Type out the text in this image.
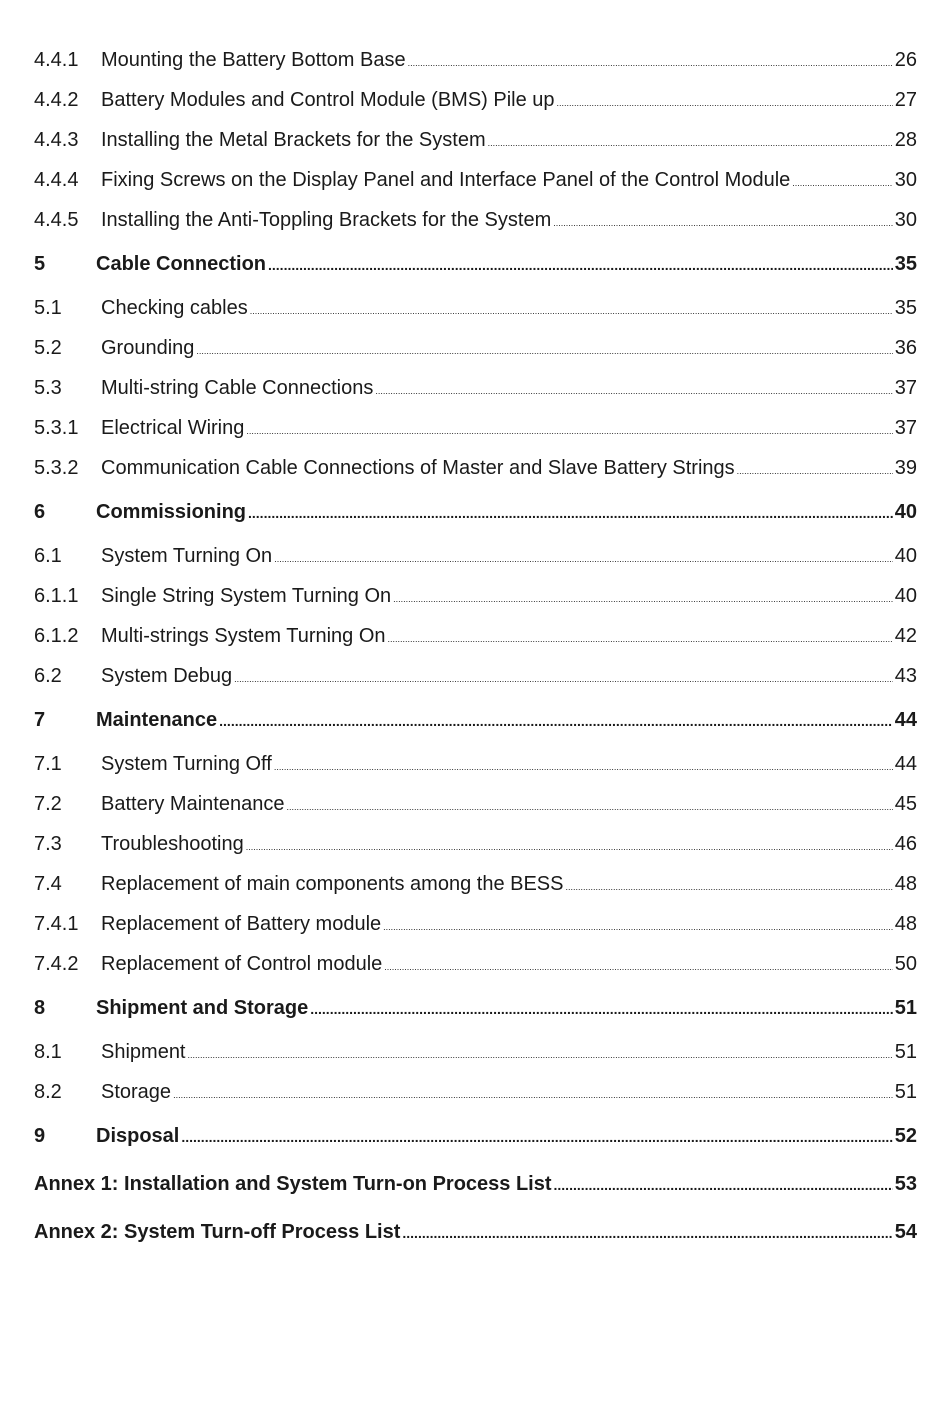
4.4.1	Mounting the Battery Bottom Base .....	26
4.4.2	Battery Modules and Control Module (BMS) Pile up .....	27
4.4.3	Installing the Metal Brackets for the System .....	28
4.4.4	Fixing Screws on the Display Panel and Interface Panel of the Control Module .....	30
4.4.5	Installing the Anti-Toppling Brackets for the System .....	30
5	Cable Connection .....	35
5.1	Checking cables .....	35
5.2	Grounding .....	36
5.3	Multi-string Cable Connections .....	37
5.3.1	Electrical Wiring .....	37
5.3.2	Communication Cable Connections of Master and Slave Battery Strings .....	39
6	Commissioning .....	40
6.1	System Turning On .....	40
6.1.1	Single String System Turning On .....	40
6.1.2	Multi-strings System Turning On .....	42
6.2	System Debug .....	43
7	Maintenance .....	44
7.1	System Turning Off .....	44
7.2	Battery Maintenance .....	45
7.3	Troubleshooting .....	46
7.4	Replacement of main components among the BESS .....	48
7.4.1	Replacement of Battery module .....	48
7.4.2	Replacement of Control module .....	50
8	Shipment and Storage .....	51
8.1	Shipment .....	51
8.2	Storage .....	51
9	Disposal .....	52
Annex 1: Installation and System Turn-on Process List .....	53
Annex 2: System Turn-off Process List .....	54
